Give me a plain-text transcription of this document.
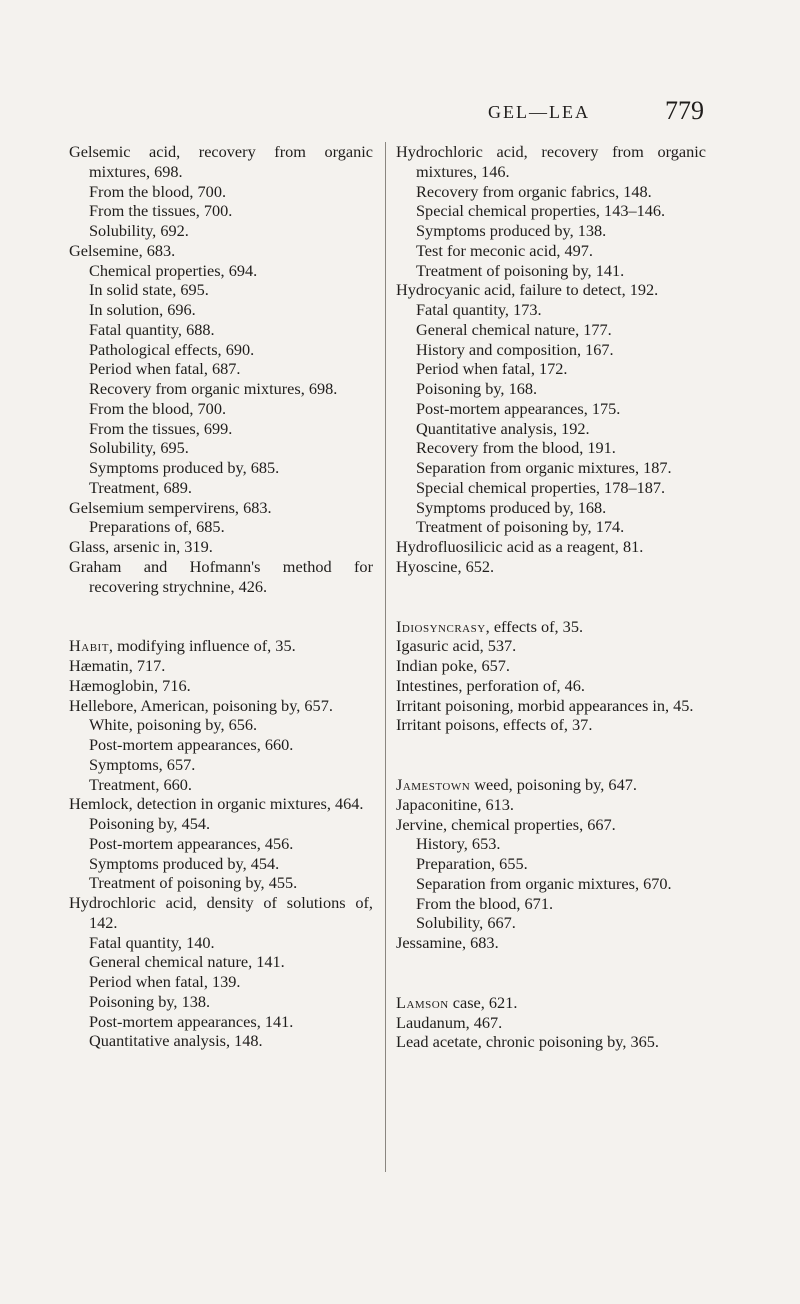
GEL—LEA	779
Gelsemic acid, recovery from organic mixtures, 698.
From the blood, 700.
From the tissues, 700.
Solubility, 692.
Gelsemine, 683.
Chemical properties, 694.
In solid state, 695.
In solution, 696.
Fatal quantity, 688.
Pathological effects, 690.
Period when fatal, 687.
Recovery from organic mixtures, 698.
From the blood, 700.
From the tissues, 699.
Solubility, 695.
Symptoms produced by, 685.
Treatment, 689.
Gelsemium sempervirens, 683.
Preparations of, 685.
Glass, arsenic in, 319.
Graham and Hofmann's method for recovering strychnine, 426.
Habit, modifying influence of, 35.
Hæmatin, 717.
Hæmoglobin, 716.
Hellebore, American, poisoning by, 657.
White, poisoning by, 656.
Post-mortem appearances, 660.
Symptoms, 657.
Treatment, 660.
Hemlock, detection in organic mixtures, 464.
Poisoning by, 454.
Post-mortem appearances, 456.
Symptoms produced by, 454.
Treatment of poisoning by, 455.
Hydrochloric acid, density of solutions of, 142.
Fatal quantity, 140.
General chemical nature, 141.
Period when fatal, 139.
Poisoning by, 138.
Post-mortem appearances, 141.
Quantitative analysis, 148.
Hydrochloric acid, recovery from organic mixtures, 146.
Recovery from organic fabrics, 148.
Special chemical properties, 143–146.
Symptoms produced by, 138.
Test for meconic acid, 497.
Treatment of poisoning by, 141.
Hydrocyanic acid, failure to detect, 192.
Fatal quantity, 173.
General chemical nature, 177.
History and composition, 167.
Period when fatal, 172.
Poisoning by, 168.
Post-mortem appearances, 175.
Quantitative analysis, 192.
Recovery from the blood, 191.
Separation from organic mixtures, 187.
Special chemical properties, 178–187.
Symptoms produced by, 168.
Treatment of poisoning by, 174.
Hydrofluosilicic acid as a reagent, 81.
Hyoscine, 652.
Idiosyncrasy, effects of, 35.
Igasuric acid, 537.
Indian poke, 657.
Intestines, perforation of, 46.
Irritant poisoning, morbid appearances in, 45.
Irritant poisons, effects of, 37.
Jamestown weed, poisoning by, 647.
Japaconitine, 613.
Jervine, chemical properties, 667.
History, 653.
Preparation, 655.
Separation from organic mixtures, 670.
From the blood, 671.
Solubility, 667.
Jessamine, 683.
Lamson case, 621.
Laudanum, 467.
Lead acetate, chronic poisoning by, 365.
